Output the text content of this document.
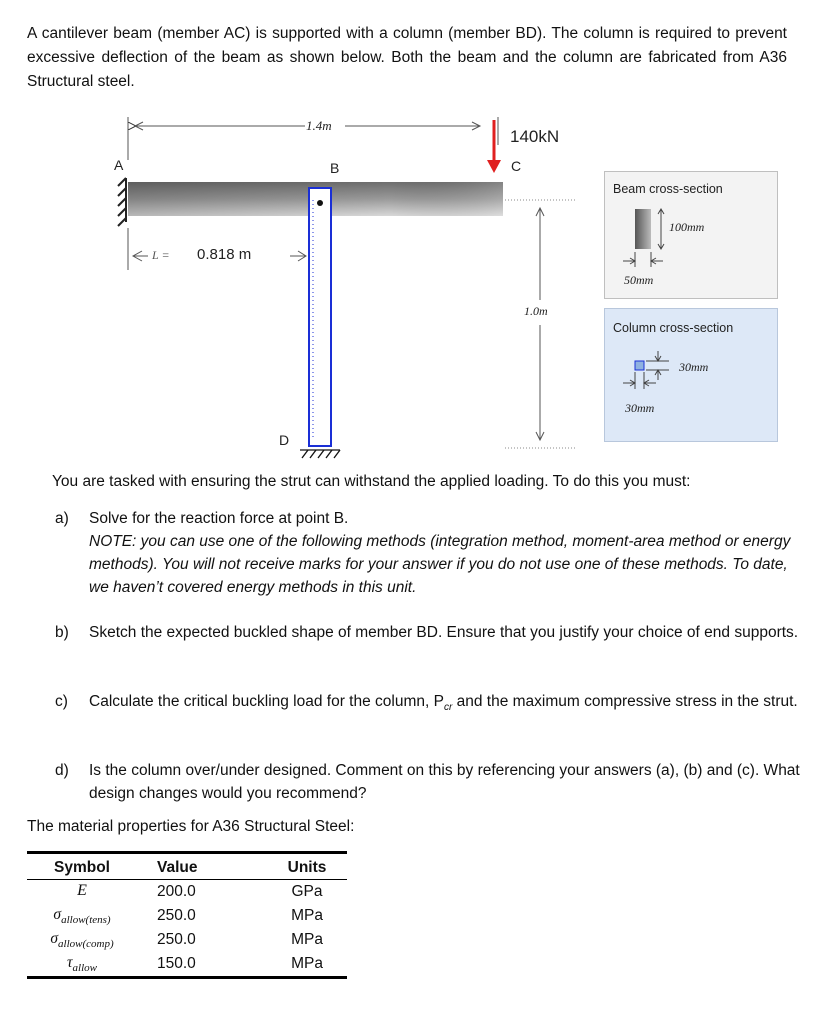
A cantilever beam (member AC) is supported with a column (member BD). The column is required to prevent excessive deflection of the beam as shown below. Both the beam and the column are fabricated from A36 Structural steel.
1.4m
A	B	C
D
140kN
L = 0.818 m
1.0m
Beam cross-section
100mm
50mm
Column cross-section
30mm
30mm
You are tasked with ensuring the strut can withstand the applied loading. To do this you must:
a) Solve for the reaction force at point B.
NOTE: you can use one of the following methods (integration method, moment-area method or energy methods). You will not receive marks for your answer if you do not use one of these methods. To date, we haven’t covered energy methods in this unit.
b) Sketch the expected buckled shape of member BD. Ensure that you justify your choice of end supports.
c) Calculate the critical buckling load for the column, $P_{cr}$ and the maximum compressive stress in the strut.
d) Is the column over/under designed. Comment on this by referencing your answers (a), (b) and (c). What design changes would you recommend?
The material properties for A36 Structural Steel:
Symbol	Value	Units
E	200.0	GPa
$\sigma_{allow(tens)}$	250.0	MPa
$\sigma_{allow(comp)}$	250.0	MPa
$\tau_{allow}$	150.0	MPa
